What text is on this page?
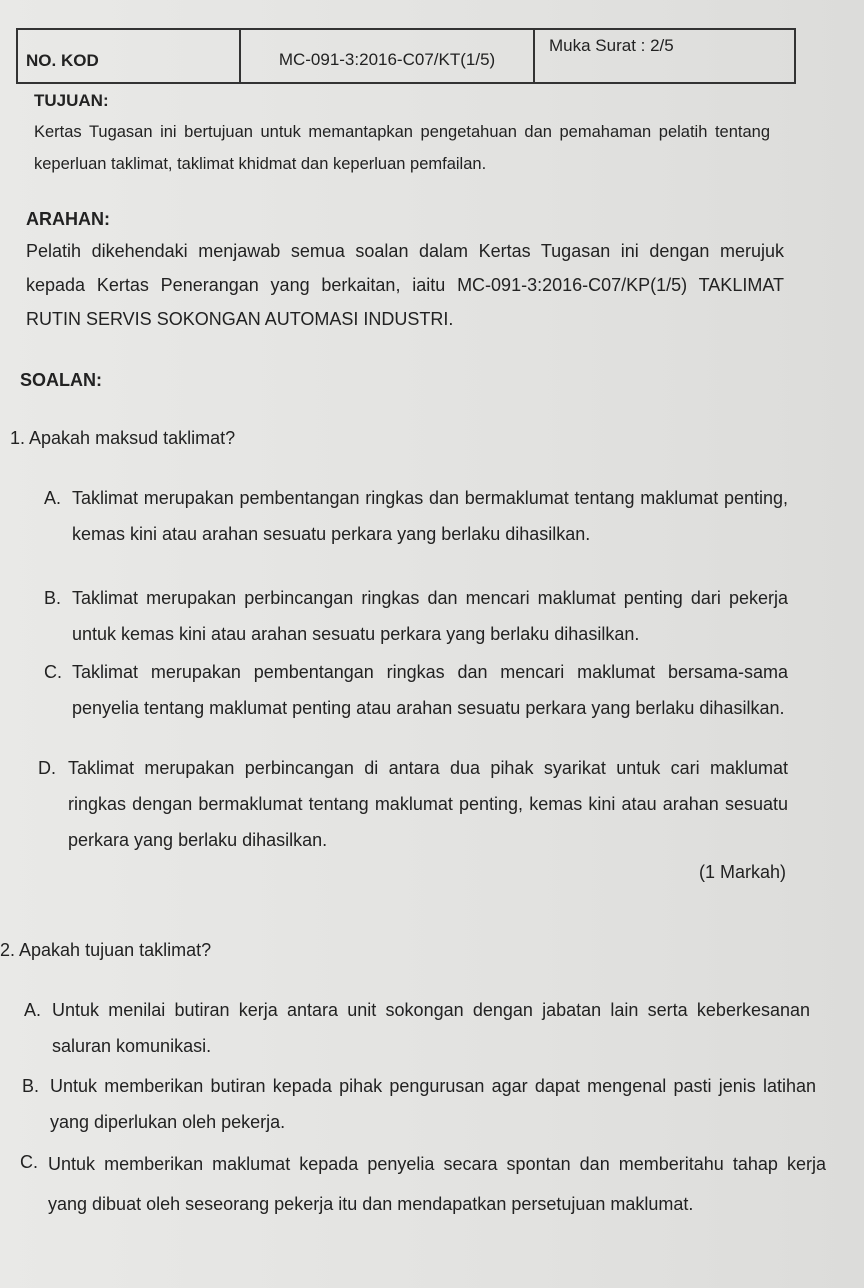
NO. KOD	MC-091-3:2016-C07/KT(1/5)	Muka Surat : 2/5

TUJUAN:

Kertas Tugasan ini bertujuan untuk memantapkan pengetahuan dan pemahaman pelatih tentang keperluan taklimat, taklimat khidmat dan keperluan pemfailan.

ARAHAN:

Pelatih dikehendaki menjawab semua soalan dalam Kertas Tugasan ini dengan merujuk kepada Kertas Penerangan yang berkaitan, iaitu MC-091-3:2016-C07/KP(1/5) TAKLIMAT RUTIN SERVIS SOKONGAN AUTOMASI INDUSTRI.

SOALAN:

1. Apakah maksud taklimat?
A. Taklimat merupakan pembentangan ringkas dan bermaklumat tentang maklumat penting, kemas kini atau arahan sesuatu perkara yang berlaku dihasilkan.
B. Taklimat merupakan perbincangan ringkas dan mencari maklumat penting dari pekerja untuk kemas kini atau arahan sesuatu perkara yang berlaku dihasilkan.
C. Taklimat merupakan pembentangan ringkas dan mencari maklumat bersama-sama penyelia tentang maklumat penting atau arahan sesuatu perkara yang berlaku dihasilkan.
D. Taklimat merupakan perbincangan di antara dua pihak syarikat untuk cari maklumat ringkas dengan bermaklumat tentang maklumat penting, kemas kini atau arahan sesuatu perkara yang berlaku dihasilkan.
(1 Markah)
2. Apakah tujuan taklimat?
A. Untuk menilai butiran kerja antara unit sokongan dengan jabatan lain serta keberkesanan saluran komunikasi.
B. Untuk memberikan butiran kepada pihak pengurusan agar dapat mengenal pasti jenis latihan yang diperlukan oleh pekerja.
C. Untuk memberikan maklumat kepada penyelia secara spontan dan memberitahu tahap kerja yang dibuat oleh seseorang pekerja itu dan mendapatkan persetujuan maklumat.
